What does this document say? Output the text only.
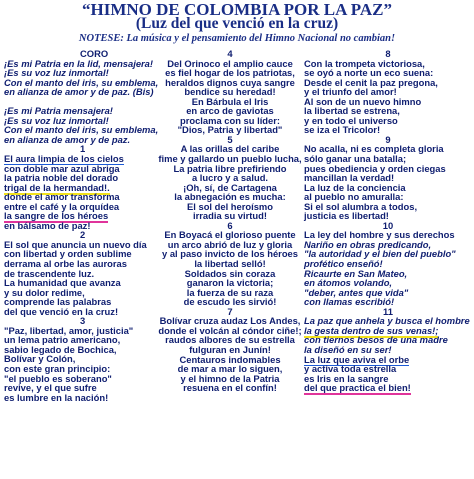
“HIMNO DE COLOMBIA POR LA PAZ”
(Luz del que venció en la cruz)
NOTESE: La música y el pensamiento del Himno Nacional no cambian!
CORO
¡Es mi Patria en la lid, mensajera!
¡Es su voz luz inmortal!
Con el manto del iris, su emblema,
en alianza de amor y de paz. (Bis)
¡Es mi Patria mensajera!
¡Es su voz luz inmortal!
Con el manto del iris, su emblema,
en alianza de amor y de paz.
1
El aura limpia de los cielos
con doble mar azul abriga
la patria noble del dorado
trigal de la hermandad!.
donde el amor transforma
entre el café y la orquídea
la sangre de los héroes
en bálsamo de paz!
2
El sol que anuncia un nuevo día
con libertad y orden sublime
derrama al orbe las auroras
de trascendente luz.
La humanidad que avanza
y su dolor redime,
comprende las palabras
del que venció en la cruz!
3
"Paz, libertad, amor, justicia"
un lema patrio americano,
sabio legado de Bochica,
Bolívar y Colón,
con este gran principio:
"el pueblo es soberano"
revive, y el que sufre
es lumbre en la nación!
4
Del Orinoco el amplio cauce
es fiel hogar de los patriotas,
heraldos dignos cuya sangre
bendice su heredad!
En Bárbula el Iris
en arco de gaviotas
proclama con su líder:
"Dios, Patria y libertad"
5
A las orillas del caribe
fime y gallardo un pueblo lucha,
La patria libre prefiriendo
a lucro y a salud.
¡Oh, sí, de Cartagena
la abnegación es mucha:
El sol del heroísmo
irradia su virtud!
6
En Boyacá el glorioso puente
un arco abrió de luz y gloria
y al paso invicto de los héroes
la libertad selló!
Soldados sin coraza
ganaron la victoria;
la fuerza de su raza
de escudo les sirvió!
7
Bolívar cruza audaz Los Andes,
donde el volcán al cóndor ciñe!;
raudos albores de su estrella
fulguran en Junín!
Centauros indomables
de mar a mar lo siguen,
y el himno de la Patria
resuena en el confín!
8
Con la trompeta victoriosa,
se oyó a norte un eco suena:
Desde el cenit la paz pregona,
y el triunfo del amor!
Al son de un nuevo himno
la libertad se estrena,
y en todo el universo
se iza el Tricolor!
9
No acalla, ni es completa gloria
sólo ganar una batalla;
pues obediencia y orden ciegas
mancillan la verdad!
La luz de la conciencia
al pueblo no amuralla:
Si el sol alumbra a todos,
justicia es libertad!
10
La ley del hombre y sus derechos
Nariño en obras predicando,
"la autoridad y el bien del pueblo"
profético enseñó!
Ricaurte en San Mateo,
en átomos volando,
"deber, antes que vida"
con llamas escribió!
11
La paz que anhela y busca el hombre
la gesta dentro de sus venas!;
con tiernos besos de una madre
la diseñó en su ser!
La luz que aviva el orbe
y activa toda estrella
es Iris en la sangre
del que practica el bien!
